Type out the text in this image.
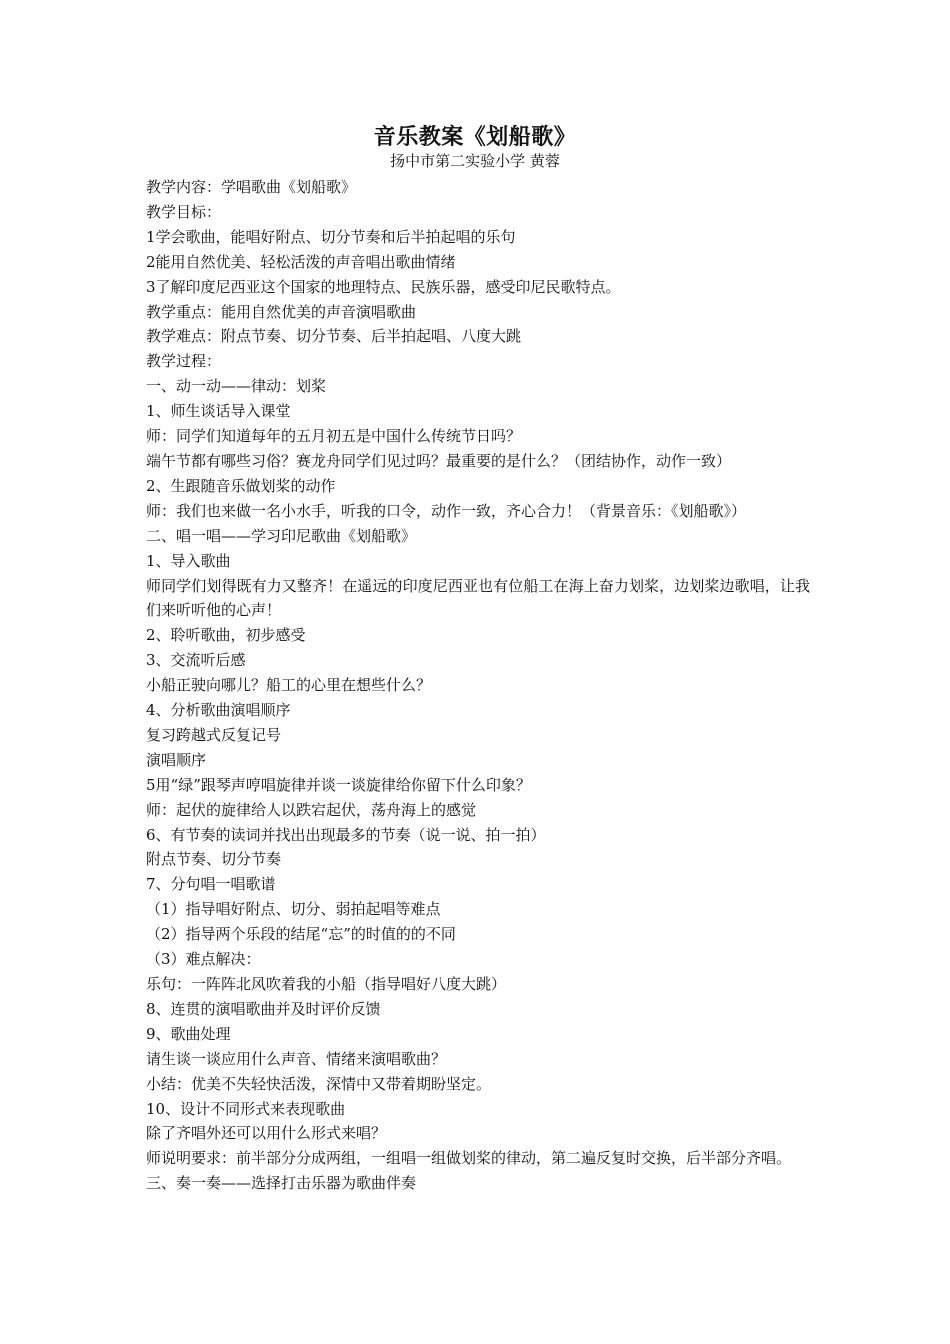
音乐教案《划船歌》
扬中市第二实验小学 黄蓉
教学内容：学唱歌曲《划船歌》
教学目标：
1学会歌曲，能唱好附点、切分节奏和后半拍起唱的乐句
2能用自然优美、轻松活泼的声音唱出歌曲情绪
3了解印度尼西亚这个国家的地理特点、民族乐器，感受印尼民歌特点。
教学重点：能用自然优美的声音演唱歌曲
教学难点：附点节奏、切分节奏、后半拍起唱、八度大跳
教学过程：
一、动一动——律动：划桨
1、师生谈话导入课堂
师：同学们知道每年的五月初五是中国什么传统节日吗？
端午节都有哪些习俗？赛龙舟同学们见过吗？最重要的是什么？（团结协作，动作一致）
2、生跟随音乐做划桨的动作
师：我们也来做一名小水手，听我的口令，动作一致，齐心合力！（背景音乐：《划船歌》）
二、唱一唱——学习印尼歌曲《划船歌》
1、导入歌曲
师同学们划得既有力又整齐！在遥远的印度尼西亚也有位船工在海上奋力划桨，边划桨边歌唱，让我们来听听他的心声！
2、聆听歌曲，初步感受
3、交流听后感
小船正驶向哪儿？船工的心里在想些什么？
4、分析歌曲演唱顺序
复习跨越式反复记号
演唱顺序
5用“绿”跟琴声哼唱旋律并谈一谈旋律给你留下什么印象？
师：起伏的旋律给人以跌宕起伏，荡舟海上的感觉
6、有节奏的读词并找出出现最多的节奏（说一说、拍一拍）
附点节奏、切分节奏
7、分句唱一唱歌谱
（1）指导唱好附点、切分、弱拍起唱等难点
（2）指导两个乐段的结尾“忘”的时值的的不同
（3）难点解决：
乐句：一阵阵北风吹着我的小船（指导唱好八度大跳）
8、连贯的演唱歌曲并及时评价反馈
9、歌曲处理
请生谈一谈应用什么声音、情绪来演唱歌曲？
小结：优美不失轻快活泼，深情中又带着期盼坚定。
10、设计不同形式来表现歌曲
除了齐唱外还可以用什么形式来唱？
师说明要求：前半部分分成两组，一组唱一组做划桨的律动，第二遍反复时交换，后半部分齐唱。
三、奏一奏——选择打击乐器为歌曲伴奏
